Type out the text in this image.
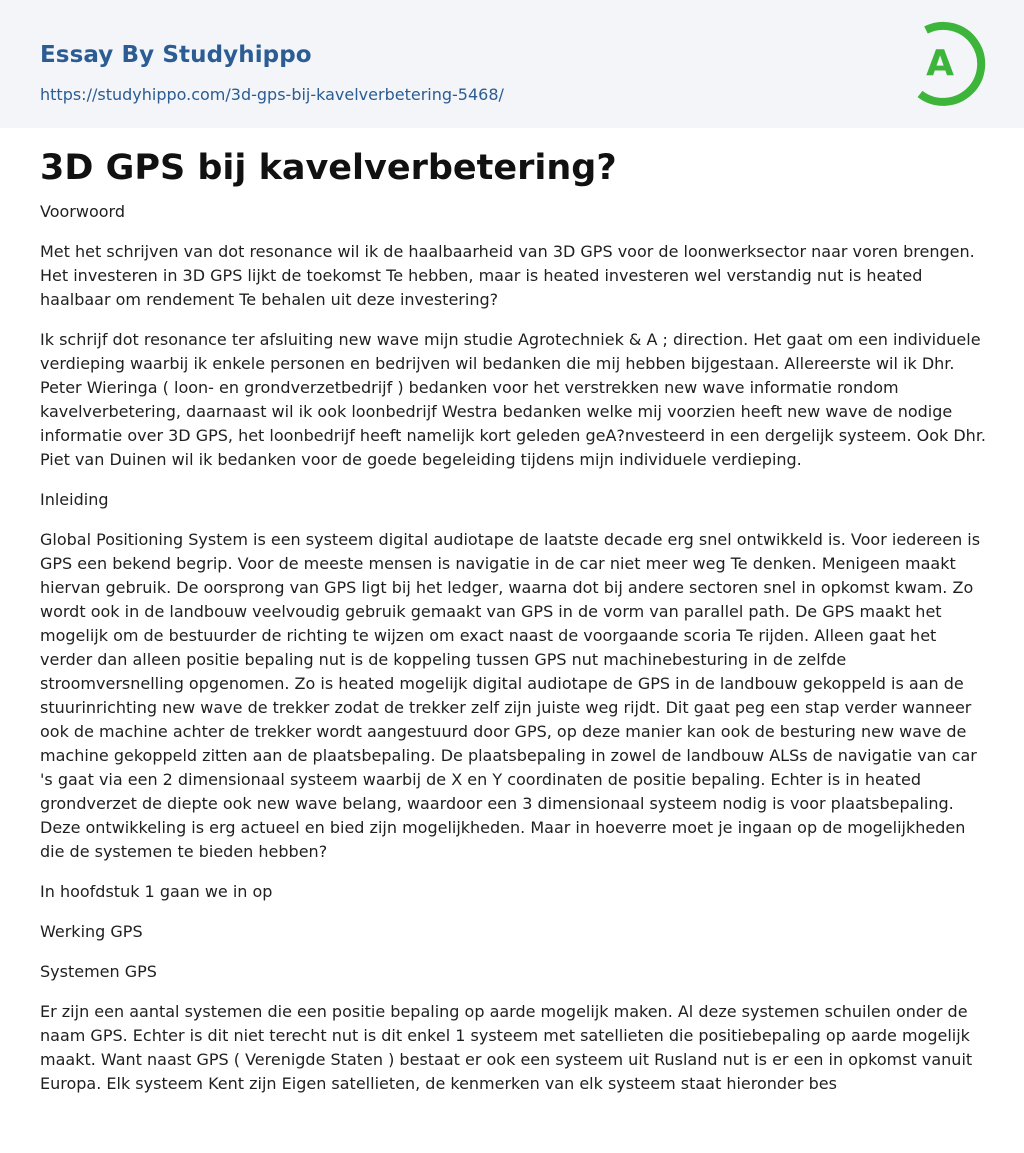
Essay By Studyhippo
https://studyhippo.com/3d-gps-bij-kavelverbetering-5468/
A
3D GPS bij kavelverbetering?

Voorwoord

Met het schrijven van dot resonance wil ik de haalbaarheid van 3D GPS voor de loonwerksector naar voren brengen. Het investeren in 3D GPS lijkt de toekomst Te hebben, maar is heated investeren wel verstandig nut is heated haalbaar om rendement Te behalen uit deze investering?

Ik schrijf dot resonance ter afsluiting new wave mijn studie Agrotechniek & A ; direction. Het gaat om een individuele verdieping waarbij ik enkele personen en bedrijven wil bedanken die mij hebben bijgestaan. Allereerste wil ik Dhr. Peter Wieringa ( loon- en grondverzetbedrijf ) bedanken voor het verstrekken new wave informatie rondom kavelverbetering, daarnaast wil ik ook loonbedrijf Westra bedanken welke mij voorzien heeft new wave de nodige informatie over 3D GPS, het loonbedrijf heeft namelijk kort geleden geA?nvesteerd in een dergelijk systeem. Ook Dhr. Piet van Duinen wil ik bedanken voor de goede begeleiding tijdens mijn individuele verdieping.

Inleiding

Global Positioning System is een systeem digital audiotape de laatste decade erg snel ontwikkeld is. Voor iedereen is GPS een bekend begrip. Voor de meeste mensen is navigatie in de car niet meer weg Te denken. Menigeen maakt hiervan gebruik. De oorsprong van GPS ligt bij het ledger, waarna dot bij andere sectoren snel in opkomst kwam. Zo wordt ook in de landbouw veelvoudig gebruik gemaakt van GPS in de vorm van parallel path. De GPS maakt het mogelijk om de bestuurder de richting te wijzen om exact naast de voorgaande scoria Te rijden. Alleen gaat het verder dan alleen positie bepaling nut is de koppeling tussen GPS nut machinebesturing in de zelfde stroomversnelling opgenomen. Zo is heated mogelijk digital audiotape de GPS in de landbouw gekoppeld is aan de stuurinrichting new wave de trekker zodat de trekker zelf zijn juiste weg rijdt. Dit gaat peg een stap verder wanneer ook de machine achter de trekker wordt aangestuurd door GPS, op deze manier kan ook de besturing new wave de machine gekoppeld zitten aan de plaatsbepaling. De plaatsbepaling in zowel de landbouw ALSs de navigatie van car 's gaat via een 2 dimensionaal systeem waarbij de X en Y coordinaten de positie bepaling. Echter is in heated grondverzet de diepte ook new wave belang, waardoor een 3 dimensionaal systeem nodig is voor plaatsbepaling. Deze ontwikkeling is erg actueel en bied zijn mogelijkheden. Maar in hoeverre moet je ingaan op de mogelijkheden die de systemen te bieden hebben?

In hoofdstuk 1 gaan we in op

Werking GPS

Systemen GPS

Er zijn een aantal systemen die een positie bepaling op aarde mogelijk maken. Al deze systemen schuilen onder de naam GPS. Echter is dit niet terecht nut is dit enkel 1 systeem met satellieten die positiebepaling op aarde mogelijk maakt. Want naast GPS ( Verenigde Staten ) bestaat er ook een systeem uit Rusland nut is er een in opkomst vanuit Europa. Elk systeem Kent zijn Eigen satellieten, de kenmerken van elk systeem staat hieronder bes
